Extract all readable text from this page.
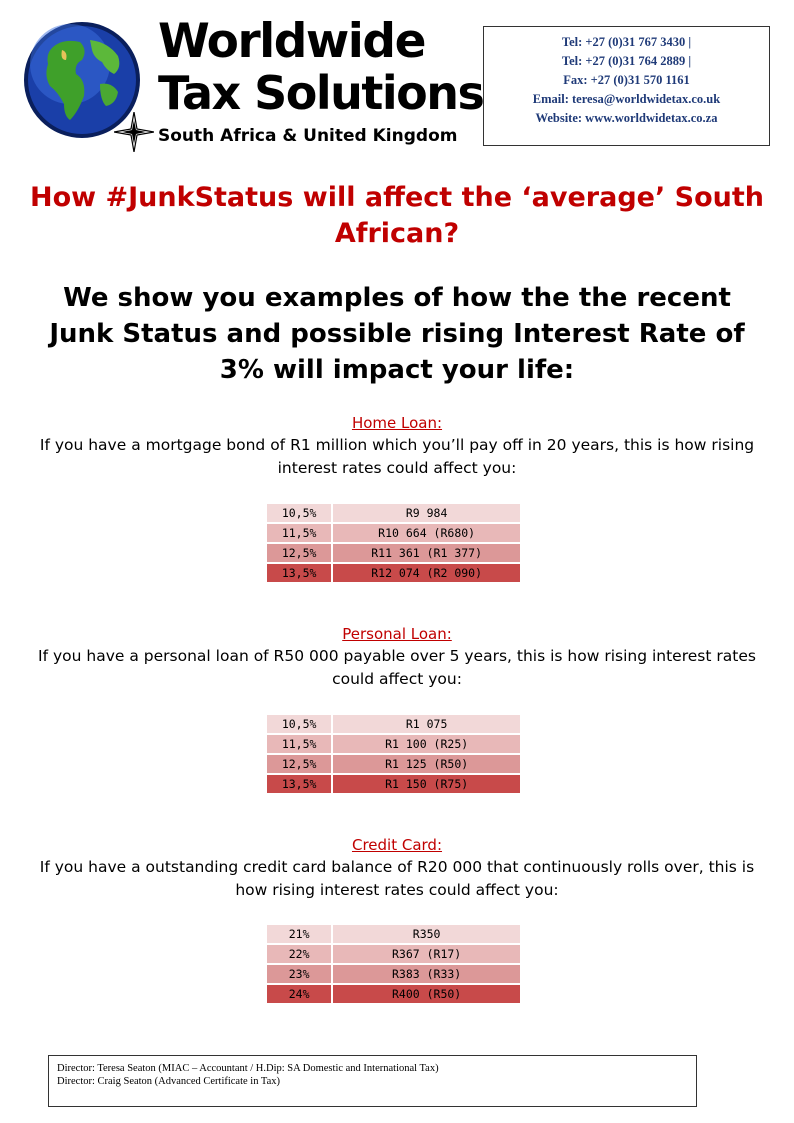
Worldwide
Tax Solutions
South Africa & United Kingdom
Tel: +27 (0)31 767 3430 |
Tel: +27 (0)31 764 2889 |
Fax: +27 (0)31 570 1161
Email: teresa@worldwidetax.co.uk
Website: www.worldwidetax.co.za
How #JunkStatus will affect the ‘average’ South African?
We show you examples of how the the recent Junk Status and possible rising Interest Rate of 3% will impact your life:
Home Loan:
If you have a mortgage bond of R1 million which you’ll pay off in 20 years, this is how rising interest rates could affect you:
10,5%	R9 984
11,5%	R10 664 (R680)
12,5%	R11 361 (R1 377)
13,5%	R12 074 (R2 090)
Personal Loan:
If you have a personal loan of R50 000 payable over 5 years, this is how rising interest rates could affect you:
10,5%	R1 075
11,5%	R1 100 (R25)
12,5%	R1 125 (R50)
13,5%	R1 150 (R75)
Credit Card:
If you have a outstanding credit card balance of R20 000 that continuously rolls over, this is how rising interest rates could affect you:
21%	R350
22%	R367 (R17)
23%	R383 (R33)
24%	R400 (R50)
Director: Teresa Seaton (MIAC – Accountant / H.Dip: SA Domestic and International Tax)
Director: Craig Seaton (Advanced Certificate in Tax)
